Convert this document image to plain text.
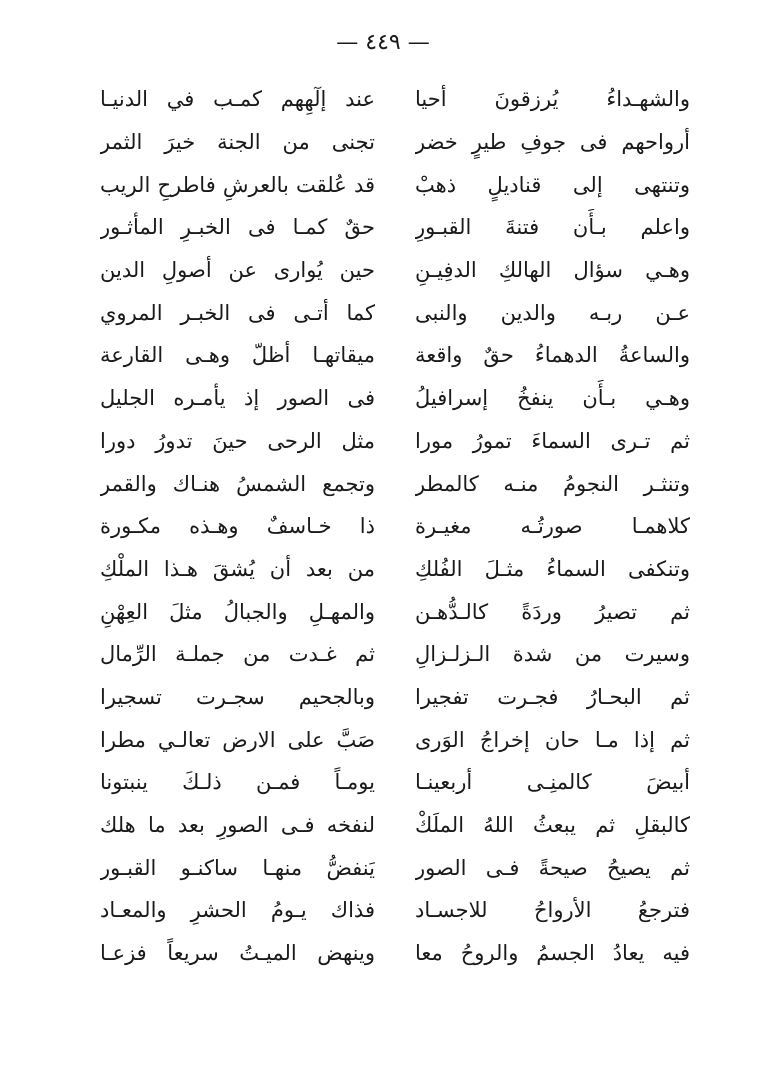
— ٤٤٩ —
والشهـداءُ يُرزقونَ أحيا
عند إلٓهِهم كمـب في الدنيـا
أرواحهم فى جوفِ طيرٍ خضر
تجنى من الجنة خيرَ الثمر
وتنتهى إلى قناديلٍ ذهبْ
قد عُلقت بالعرشِ فاطرحِ الريب
واعلم بـأَن فتنةَ القبـورِ
حقٌ كمـا فى الخبـرِ المأثـور
وهـي سؤال الهالكِ الدفِيـنِ
حين يُوارى عن أصولِ الدين
عـن ربـه والدين والنبى
كما أتـى فى الخبـر المروي
والساعةُ الدهماءُ حقٌ واقعة
ميقاتهـا أظلّ وهـى القارعة
وهـي بـأَن ينفخُ إسرافيلُ
فى الصور إذ يأمـره الجليل
ثم تـرى السماءَ تمورُ مورا
مثل الرحى حينَ تدورُ دورا
وتنثـر النجومُ منـه كالمطر
وتجمع الشمسُ هنـاك والقمر
كلاهمـا صورتُـه مغيـرة
ذا خـاسفٌ وهـذه مكـورة
وتنكفى السماءُ مثـلَ الفُلكِ
من بعد أن يُشقَ هـذا الملْكِ
ثم تصيرُ وردَةً كالـدُّهـن
والمهـلِ والجبالُ مثلَ العِهْنِ
وسيرت من شدة الـزلـزالِ
ثم غـدت من جملـة الرِّمال
ثم البحـارُ فجـرت تفجيرا
وبالجحيم سجـرت تسجيرا
ثم إذا مـا حان إخراجُ الوَرى
صَبَّ على الارض تعالـي مطرا
أبيضَ كالمنِـى أربعينـا
يومـاً فمـن ذلـكَ ينبتونا
كالبقلِ ثم يبعثُ اللهُ الملَكْ
لنفخه فـى الصورِ بعد ما هلك
ثم يصيحُ صيحةً فـى الصور
يَنفضُّ منهـا ساكنـو القبـور
فترجعُ الأرواحُ للاجسـاد
فذاك يـومُ الحشرِ والمعـاد
فيه يعادُ الجسمُ والروحُ معا
وينهض الميـتُ سريعاً فزعـا
